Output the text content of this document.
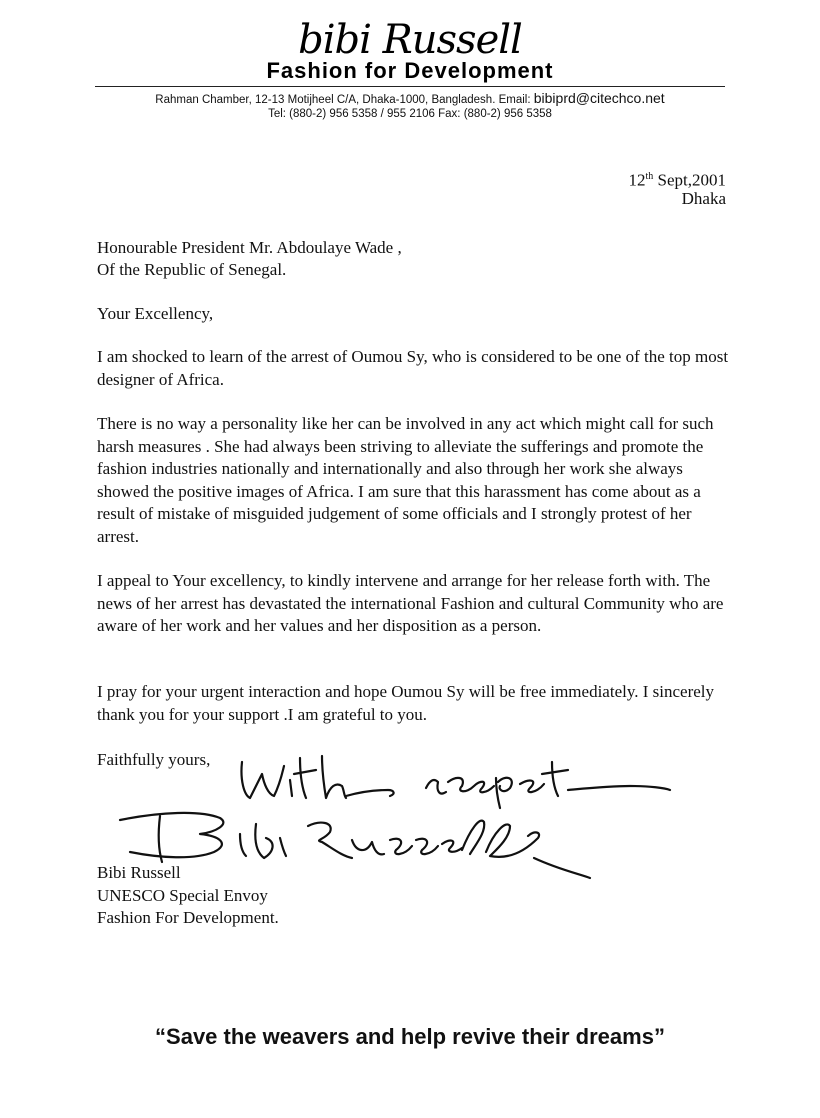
bibi Russell
Fashion for Development
Rahman Chamber, 12-13 Motijheel C/A, Dhaka-1000, Bangladesh. Email: bibiprd@citechco.net
Tel: (880-2) 956 5358 / 955 2106 Fax: (880-2) 956 5358
12th Sept,2001
Dhaka
Honourable President Mr. Abdoulaye Wade ,
Of the Republic of Senegal.
Your Excellency,
I am shocked to learn of the arrest of Oumou Sy, who is considered to be one of the top most designer of Africa.
There is no way a personality like her can be involved in any act which might call for such harsh measures . She had always been striving to alleviate the sufferings and promote the fashion industries nationally and internationally and also through her work she always showed the positive images of Africa. I am sure that this harassment has come about as a result of mistake of misguided judgement of some officials and I strongly protest of her arrest.
I appeal to Your excellency, to kindly intervene and arrange for her release forth with. The news of her arrest has devastated the international Fashion and cultural Community who are aware of her work and her values and her disposition as a person.
I pray for your urgent interaction and hope Oumou Sy will be free immediately. I sincerely thank you for your support .I am grateful to you.
Faithfully yours,
Bibi Russell
UNESCO Special Envoy
Fashion For Development.
“Save the weavers and help revive their dreams”
